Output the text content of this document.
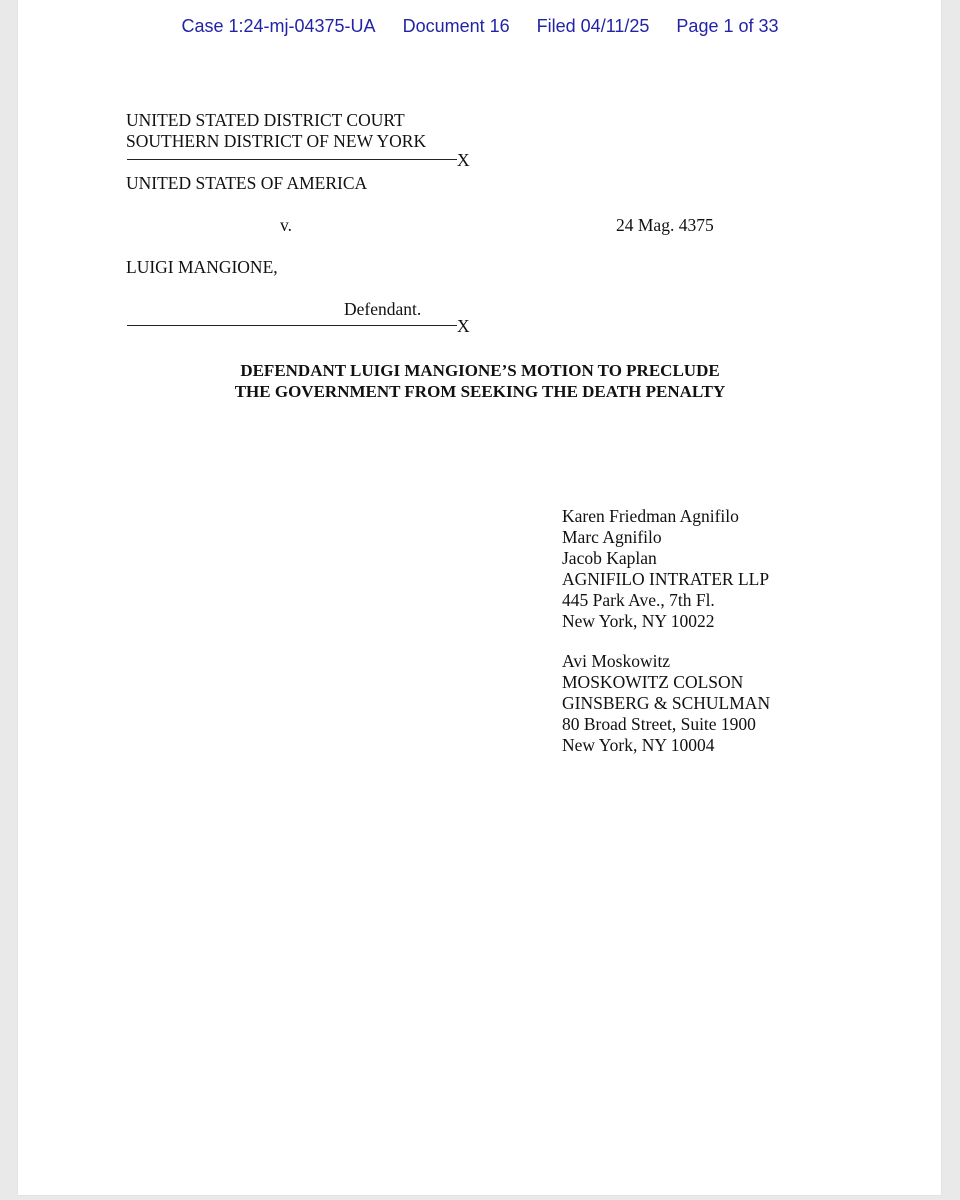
Case 1:24-mj-04375-UA Document 16 Filed 04/11/25 Page 1 of 33
UNITED STATED DISTRICT COURT
SOUTHERN DISTRICT OF NEW YORK
X
UNITED STATES OF AMERICA
v.	24 Mag. 4375
LUIGI MANGIONE,
Defendant.
X
DEFENDANT LUIGI MANGIONE’S MOTION TO PRECLUDE
THE GOVERNMENT FROM SEEKING THE DEATH PENALTY
Karen Friedman Agnifilo
Marc Agnifilo
Jacob Kaplan
AGNIFILO INTRATER LLP
445 Park Ave., 7th Fl.
New York, NY 10022
Avi Moskowitz
MOSKOWITZ COLSON
GINSBERG & SCHULMAN
80 Broad Street, Suite 1900
New York, NY 10004
